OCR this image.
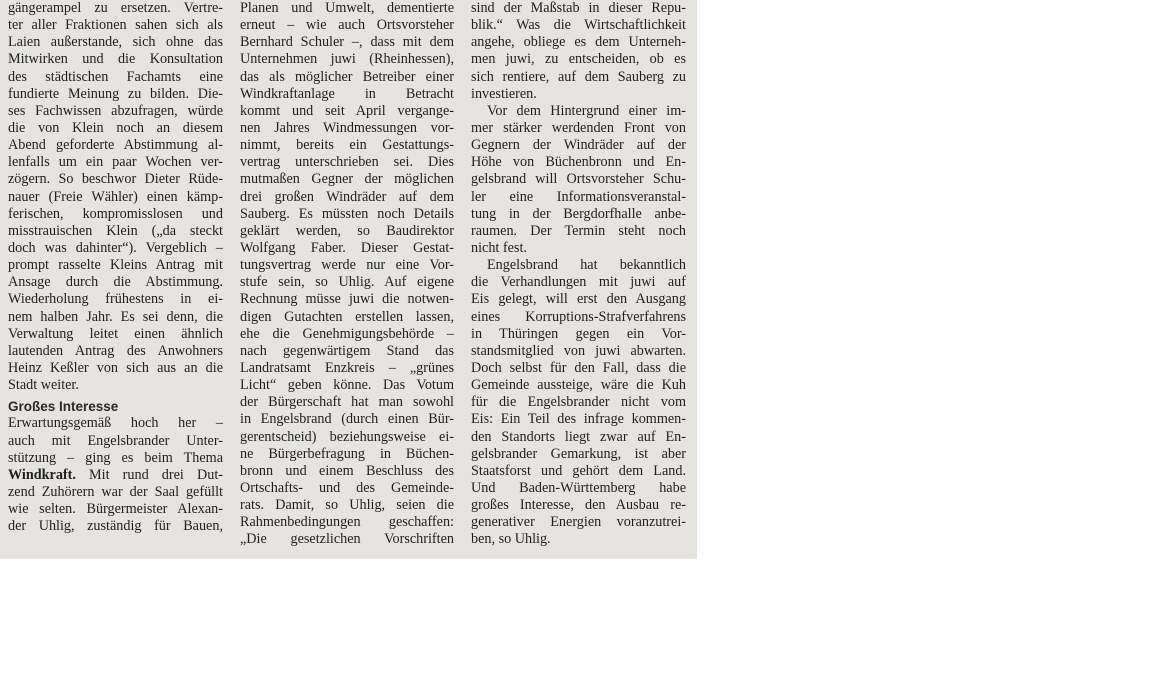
gängerampel zu ersetzen. Vertre-
ter aller Fraktionen sahen sich als
Laien außerstande, sich ohne das
Mitwirken und die Konsultation
des städtischen Fachamts eine
fundierte Meinung zu bilden. Die-
ses Fachwissen abzufragen, würde
die von Klein noch an diesem
Abend geforderte Abstimmung al-
lenfalls um ein paar Wochen ver-
zögern. So beschwor Dieter Rüde-
nauer (Freie Wähler) einen kämp-
ferischen, kompromisslosen und
misstrauischen Klein („da steckt
doch was dahinter“). Vergeblich –
prompt rasselte Kleins Antrag mit
Ansage durch die Abstimmung.
Wiederholung frühestens in ei-
nem halben Jahr. Es sei denn, die
Verwaltung leitet einen ähnlich
lautenden Antrag des Anwohners
Heinz Keßler von sich aus an die
Stadt weiter.
Großes Interesse
Erwartungsgemäß hoch her –
auch mit Engelsbrander Unter-
stützung – ging es beim Thema
Windkraft. Mit rund drei Dut-
zend Zuhörern war der Saal gefüllt
wie selten. Bürgermeister Alexan-
der Uhlig, zuständig für Bauen,
Planen und Umwelt, dementierte
erneut – wie auch Ortsvorsteher
Bernhard Schuler –, dass mit dem
Unternehmen juwi (Rheinhessen),
das als möglicher Betreiber einer
Windkraftanlage in Betracht
kommt und seit April vergange-
nen Jahres Windmessungen vor-
nimmt, bereits ein Gestattungs-
vertrag unterschrieben sei. Dies
mutmaßen Gegner der möglichen
drei großen Windräder auf dem
Sauberg. Es müssten noch Details
geklärt werden, so Baudirektor
Wolfgang Faber. Dieser Gestat-
tungsvertrag werde nur eine Vor-
stufe sein, so Uhlig. Auf eigene
Rechnung müsse juwi die notwen-
digen Gutachten erstellen lassen,
ehe die Genehmigungsbehörde –
nach gegenwärtigem Stand das
Landratsamt Enzkreis – „grünes
Licht“ geben könne. Das Votum
der Bürgerschaft hat man sowohl
in Engelsbrand (durch einen Bür-
gerentscheid) beziehungsweise ei-
ne Bürgerbefragung in Büchen-
bronn und einem Beschluss des
Ortschafts- und des Gemeinde-
rats. Damit, so Uhlig, seien die
Rahmenbedingungen geschaffen:
„Die gesetzlichen Vorschriften
sind der Maßstab in dieser Repu-
blik.“ Was die Wirtschaftlichkeit
angehe, obliege es dem Unterneh-
men juwi, zu entscheiden, ob es
sich rentiere, auf dem Sauberg zu
investieren.
Vor dem Hintergrund einer im-
mer stärker werdenden Front von
Gegnern der Windräder auf der
Höhe von Büchenbronn und En-
gelsbrand will Ortsvorsteher Schu-
ler eine Informationsveranstal-
tung in der Bergdorfhalle anbe-
raumen. Der Termin steht noch
nicht fest.
Engelsbrand hat bekanntlich
die Verhandlungen mit juwi auf
Eis gelegt, will erst den Ausgang
eines Korruptions-Strafverfahrens
in Thüringen gegen ein Vor-
standsmitglied von juwi abwarten.
Doch selbst für den Fall, dass die
Gemeinde aussteige, wäre die Kuh
für die Engelsbrander nicht vom
Eis: Ein Teil des infrage kommen-
den Standorts liegt zwar auf En-
gelsbrander Gemarkung, ist aber
Staatsforst und gehört dem Land.
Und Baden-Württemberg habe
großes Interesse, den Ausbau re-
generativer Energien voranzutrei-
ben, so Uhlig.
